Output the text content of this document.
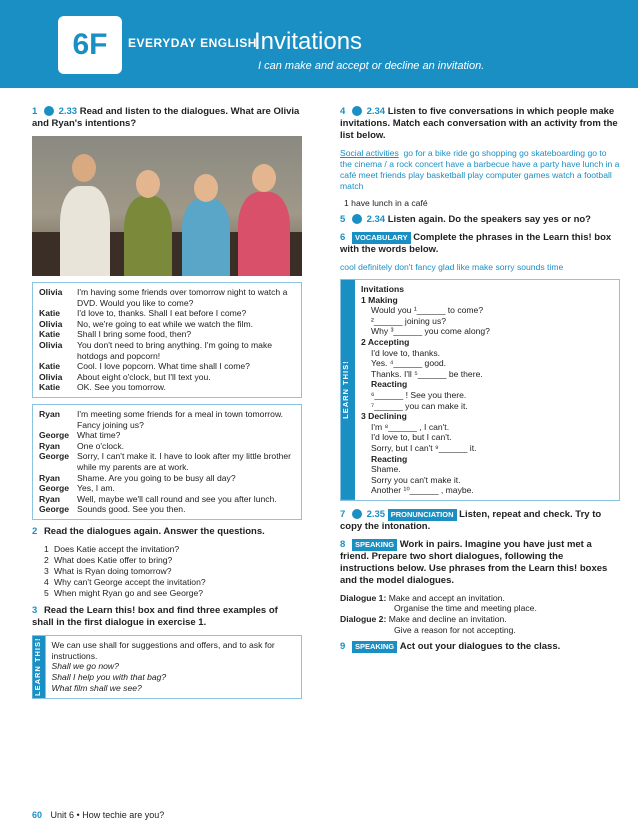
6F	EVERYDAY ENGLISH
Invitations
I can make and accept or decline an invitation.
1 2.33 Read and listen to the dialogues. What are Olivia and Ryan's intentions?
Olivia	I'm having some friends over tomorrow night to watch a DVD. Would you like to come?
Katie	I'd love to, thanks. Shall I eat before I come?
Olivia	No, we're going to eat while we watch the film.
Katie	Shall I bring some food, then?
Olivia	You don't need to bring anything. I'm going to make hotdogs and popcorn!
Katie	Cool. I love popcorn. What time shall I come?
Olivia	About eight o'clock, but I'll text you.
Katie	OK. See you tomorrow.
Ryan	I'm meeting some friends for a meal in town tomorrow. Fancy joining us?
George What time?
Ryan	One o'clock.
George Sorry, I can't make it. I have to look after my little brother while my parents are at work.
Ryan	Shame. Are you going to be busy all day?
George Yes, I am.
Ryan	Well, maybe we'll call round and see you after lunch.
George Sounds good. See you then.
2 Read the dialogues again. Answer the questions.
1 Does Katie accept the invitation?
2 What does Katie offer to bring?
3 What is Ryan doing tomorrow?
4 Why can't George accept the invitation?
5 When might Ryan go and see George?
3 Read the Learn this! box and find three examples of shall in the first dialogue in exercise 1.
LEARN THIS!	We can use shall for suggestions and offers, and to ask for instructions.
Shall we go now?
Shall I help you with that bag?
What film shall we see?
4 2.34 Listen to five conversations in which people make invitations. Match each conversation with an activity from the list below.
Social activities go for a bike ride go shopping go skateboarding go to the cinema / a rock concert have a barbecue have a party have lunch in a café meet friends play basketball play computer games watch a football match
1 have lunch in a café
5 2.34 Listen again. Do the speakers say yes or no?
6 VOCABULARY Complete the phrases in the Learn this! box with the words below.
cool definitely don't fancy glad like make sorry sounds time
LEARN THIS!
Invitations
1 Making
Would you ¹______ to come?
²______ joining us?
Why ³______ you come along?
2 Accepting
I'd love to, thanks.
Yes. ⁴______ good.
Thanks. I'll ⁵______ be there.
Reacting
⁶______ ! See you there.
⁷______ you can make it.
3 Declining
I'm ⁸______ , I can't.
I'd love to, but I can't.
Sorry, but I can't ⁹______ it.
Reacting
Shame.
Sorry you can't make it.
Another ¹⁰______ , maybe.
7 2.35 PRONUNCIATION Listen, repeat and check. Try to copy the intonation.
8 SPEAKING Work in pairs. Imagine you have just met a friend. Prepare two short dialogues, following the instructions below. Use phrases from the Learn this! boxes and the model dialogues.
Dialogue 1: Make and accept an invitation.
Organise the time and meeting place.
Dialogue 2: Make and decline an invitation.
Give a reason for not accepting.
9 SPEAKING Act out your dialogues to the class.
60 Unit 6 • How techie are you?
